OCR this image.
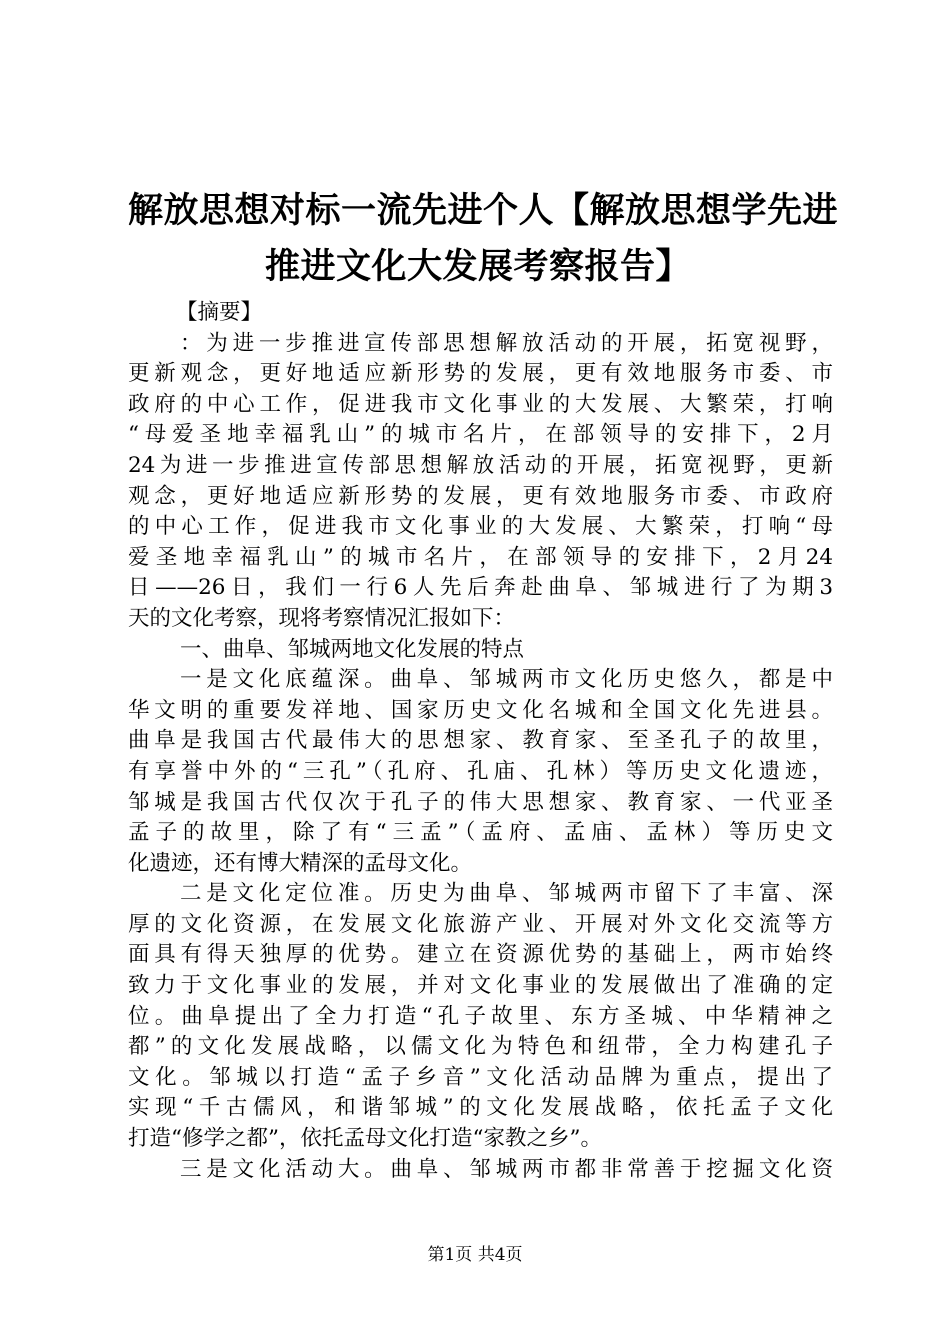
解放思想对标一流先进个人【解放思想学先进
推进文化大发展考察报告】
【摘要】
：为进一步推进宣传部思想解放活动的开展，拓宽视野，
更新观念，更好地适应新形势的发展，更有效地服务市委、市
政府的中心工作，促进我市文化事业的大发展、大繁荣，打响
“母爱圣地幸福乳山”的城市名片，在部领导的安排下，2月
24为进一步推进宣传部思想解放活动的开展，拓宽视野，更新
观念，更好地适应新形势的发展，更有效地服务市委、市政府
的中心工作，促进我市文化事业的大发展、大繁荣，打响“母
爱圣地幸福乳山”的城市名片，在部领导的安排下，2月24
日——26日，我们一行6人先后奔赴曲阜、邹城进行了为期3
天的文化考察，现将考察情况汇报如下：
一、曲阜、邹城两地文化发展的特点
一是文化底蕴深。曲阜、邹城两市文化历史悠久，都是中
华文明的重要发祥地、国家历史文化名城和全国文化先进县。
曲阜是我国古代最伟大的思想家、教育家、至圣孔子的故里，
有享誉中外的“三孔”（孔府、孔庙、孔林）等历史文化遗迹，
邹城是我国古代仅次于孔子的伟大思想家、教育家、一代亚圣
孟子的故里，除了有“三孟”（孟府、孟庙、孟林）等历史文
化遗迹，还有博大精深的孟母文化。
二是文化定位准。历史为曲阜、邹城两市留下了丰富、深
厚的文化资源，在发展文化旅游产业、开展对外文化交流等方
面具有得天独厚的优势。建立在资源优势的基础上，两市始终
致力于文化事业的发展，并对文化事业的发展做出了准确的定
位。曲阜提出了全力打造“孔子故里、东方圣城、中华精神之
都”的文化发展战略，以儒文化为特色和纽带，全力构建孔子
文化。邹城以打造“孟子乡音”文化活动品牌为重点，提出了
实现“千古儒风，和谐邹城”的文化发展战略，依托孟子文化
打造“修学之都”，依托孟母文化打造“家教之乡”。
三是文化活动大。曲阜、邹城两市都非常善于挖掘文化资
第1页 共4页
